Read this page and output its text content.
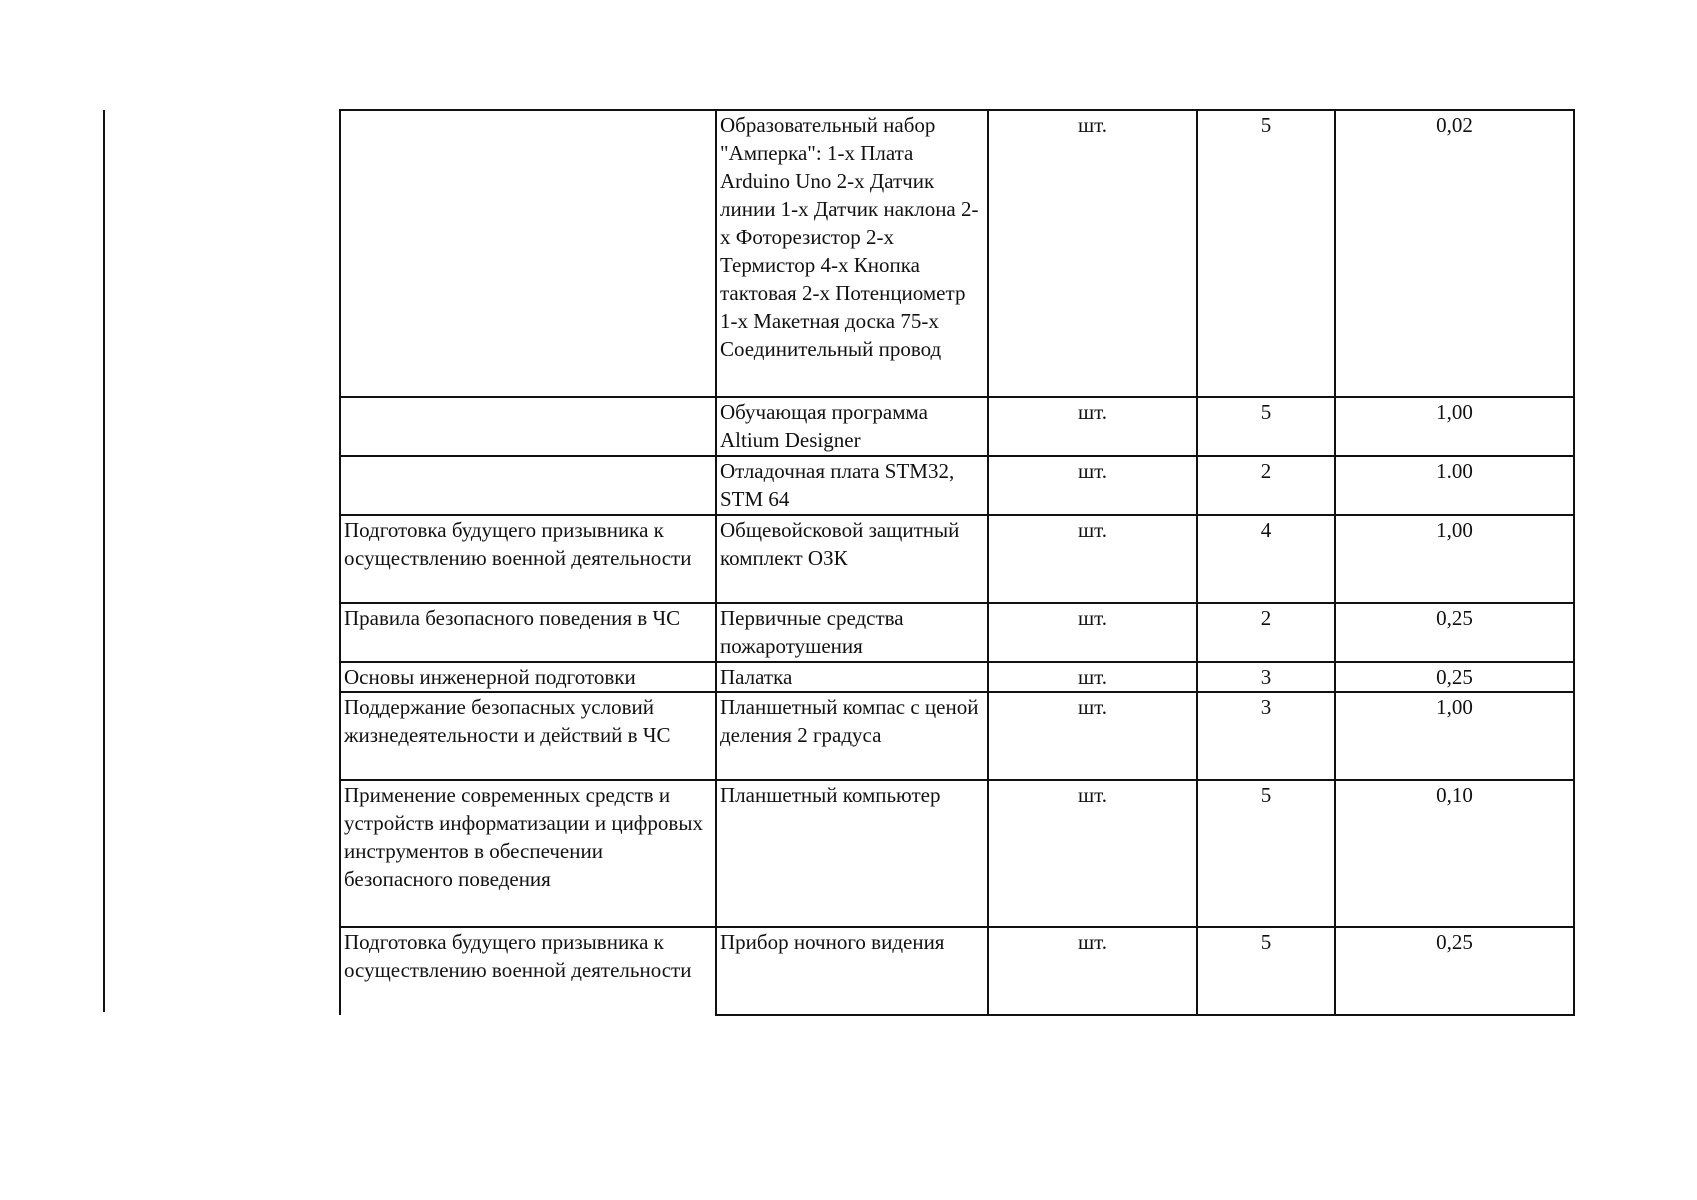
	Образовательный набор "Амперка": 1-х Плата Arduino Uno 2-х Датчик линии 1-х Датчик наклона 2-х Фоторезистор 2-х Термистор 4-х Кнопка тактовая 2-х Потенциометр 1-х Макетная доска 75-х Соединительный провод	шт.	5	0,02
	Обучающая программа Altium Designer	шт.	5	1,00
	Отладочная плата STM32, STM 64	шт.	2	1.00
Подготовка будущего призывника к осуществлению военной деятельности	Общевойсковой защитный комплект ОЗК	шт.	4	1,00
Правила безопасного поведения в ЧС	Первичные средства пожаротушения	шт.	2	0,25
Основы инженерной подготовки	Палатка	шт.	3	0,25
Поддержание безопасных условий жизнедеятельности и действий в ЧС	Планшетный компас с ценой деления 2 градуса	шт.	3	1,00
Применение современных средств и устройств информатизации и цифровых инструментов в обеспечении безопасного поведения	Планшетный компьютер	шт.	5	0,10
Подготовка будущего призывника к осуществлению военной деятельности	Прибор ночного видения	шт.	5	0,25
